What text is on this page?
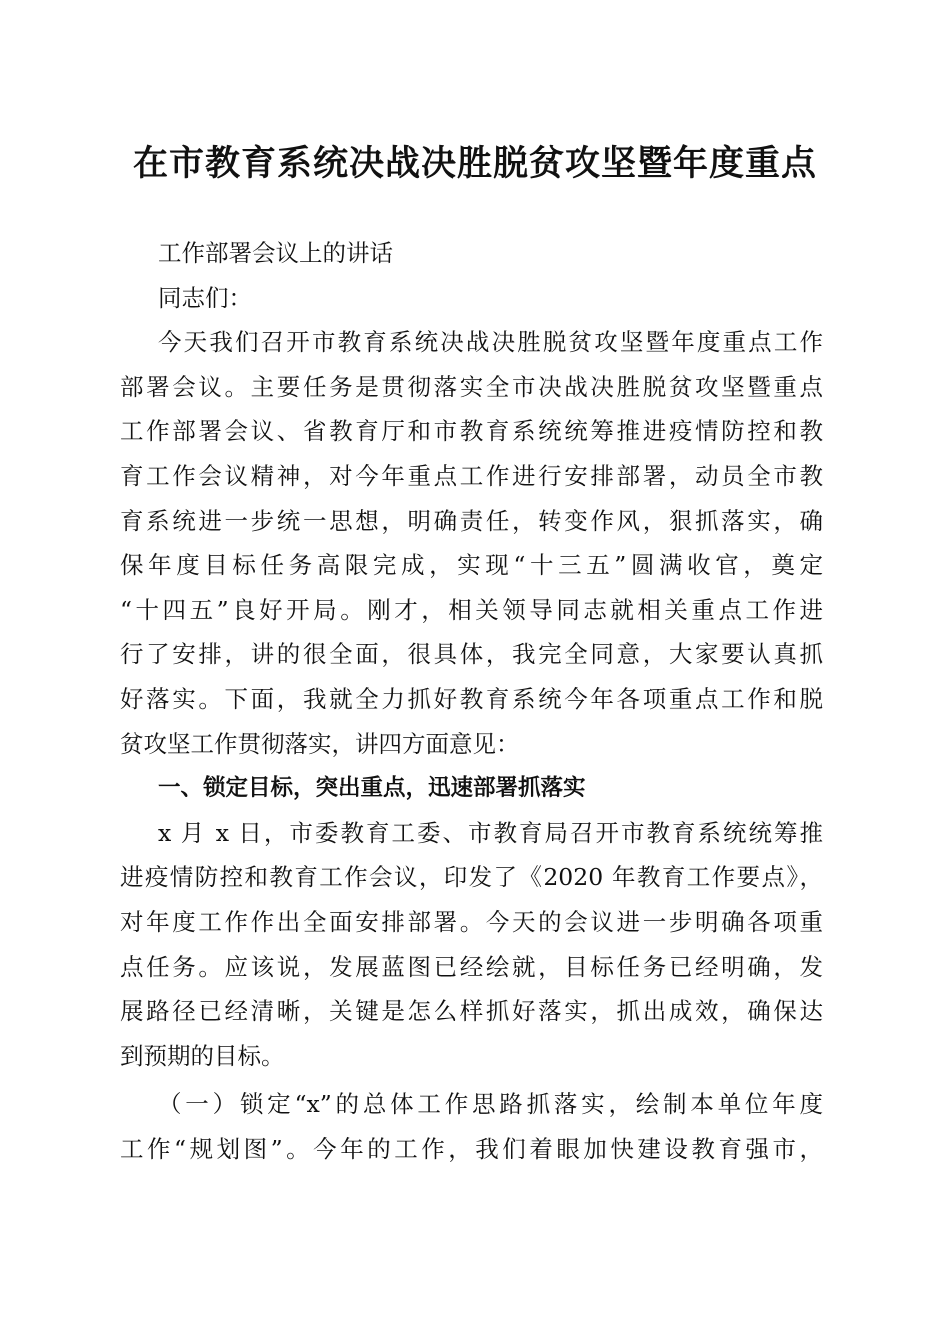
在市教育系统决战决胜脱贫攻坚暨年度重点
工作部署会议上的讲话
同志们：
今天我们召开市教育系统决战决胜脱贫攻坚暨年度重点工作
部署会议。主要任务是贯彻落实全市决战决胜脱贫攻坚暨重点
工作部署会议、省教育厅和市教育系统统筹推进疫情防控和教
育工作会议精神，对今年重点工作进行安排部署，动员全市教
育系统进一步统一思想，明确责任，转变作风，狠抓落实，确
保年度目标任务高限完成，实现“十三五”圆满收官，奠定
“十四五”良好开局。刚才，相关领导同志就相关重点工作进
行了安排，讲的很全面，很具体，我完全同意，大家要认真抓
好落实。下面，我就全力抓好教育系统今年各项重点工作和脱
贫攻坚工作贯彻落实，讲四方面意见：
一、锁定目标，突出重点，迅速部署抓落实
x 月 x 日，市委教育工委、市教育局召开市教育系统统筹推
进疫情防控和教育工作会议，印发了《2020 年教育工作要点》，
对年度工作作出全面安排部署。今天的会议进一步明确各项重
点任务。应该说，发展蓝图已经绘就，目标任务已经明确，发
展路径已经清晰，关键是怎么样抓好落实，抓出成效，确保达
到预期的目标。
（一）锁定“x”的总体工作思路抓落实，绘制本单位年度
工作“规划图”。今年的工作，我们着眼加快建设教育强市，
